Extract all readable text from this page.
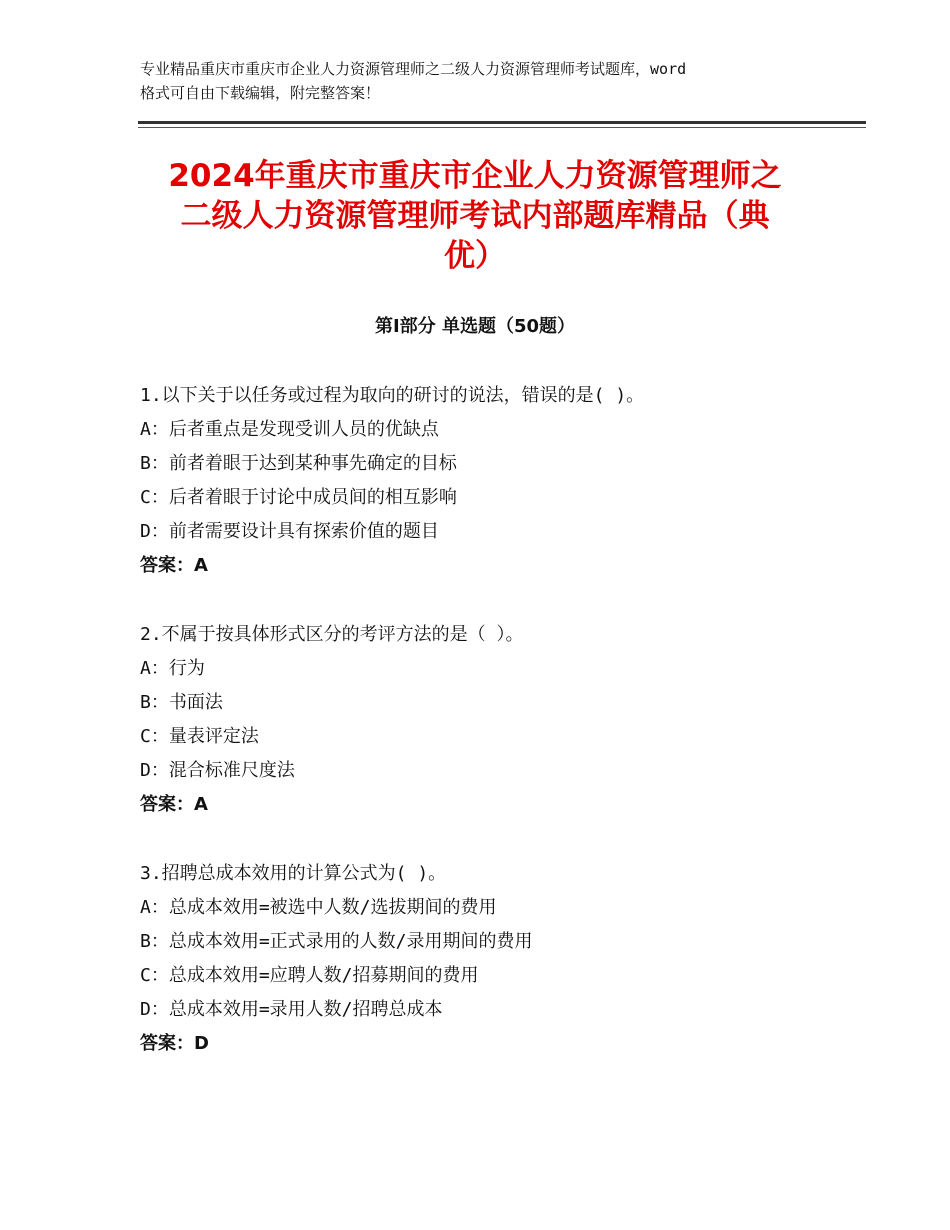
专业精品重庆市重庆市企业人力资源管理师之二级人力资源管理师考试题库，word
格式可自由下载编辑，附完整答案！

2024年重庆市重庆市企业人力资源管理师之
二级人力资源管理师考试内部题库精品（典
优）
第Ⅰ部分 单选题（50题）
1.以下关于以任务或过程为取向的研讨的说法，错误的是( )。
A：后者重点是发现受训人员的优缺点
B：前者着眼于达到某种事先确定的目标
C：后者着眼于讨论中成员间的相互影响
D：前者需要设计具有探索价值的题目
答案：A
2.不属于按具体形式区分的考评方法的是（ ）。
A：行为
B：书面法
C：量表评定法
D：混合标准尺度法
答案：A
3.招聘总成本效用的计算公式为( )。
A：总成本效用=被选中人数/选拔期间的费用
B：总成本效用=正式录用的人数/录用期间的费用
C：总成本效用=应聘人数/招募期间的费用
D：总成本效用=录用人数/招聘总成本
答案：D
